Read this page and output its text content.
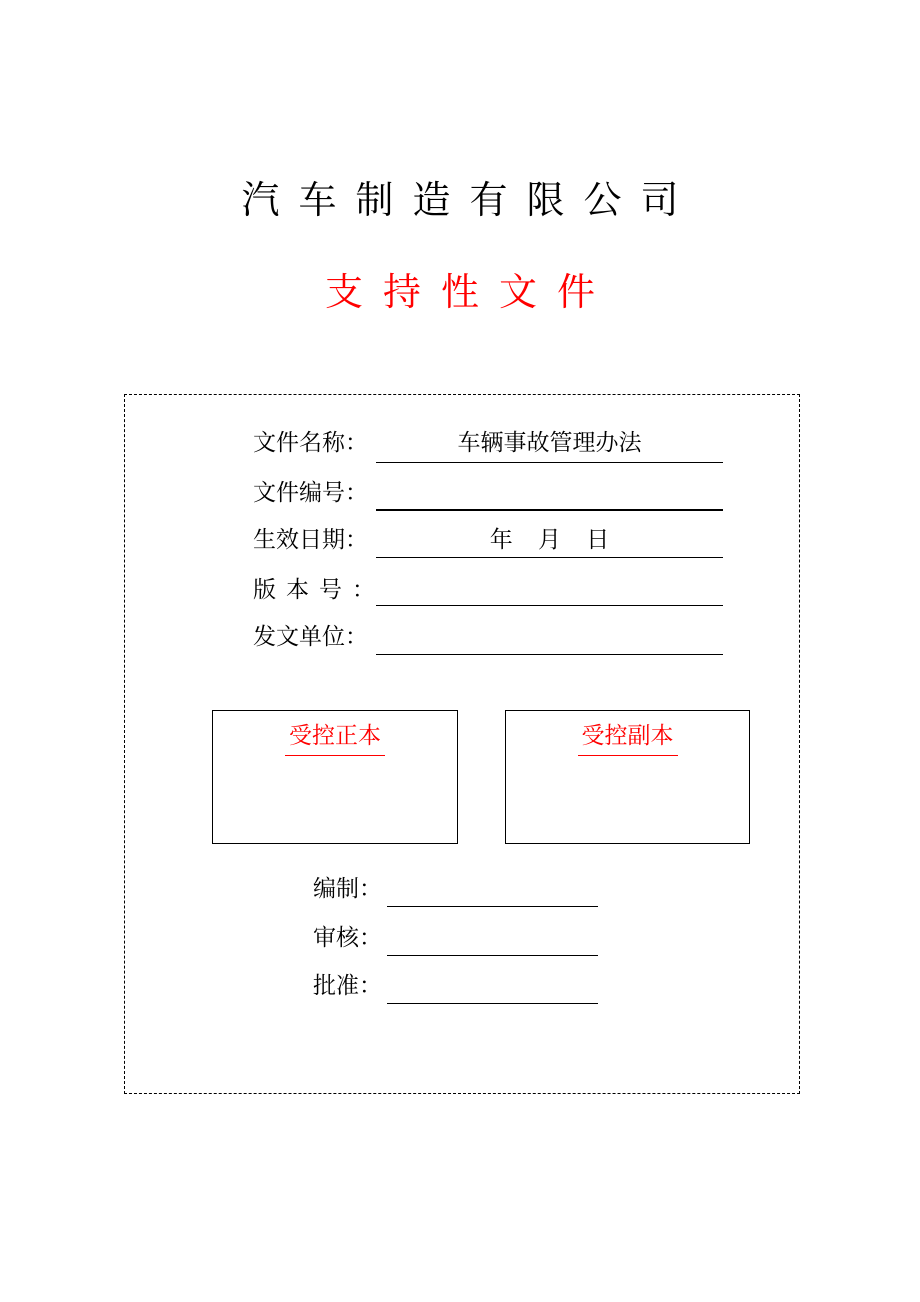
汽车制造有限公司
支持性文件
文件名称：	车辆事故管理办法
文件编号：
生效日期：	年 月 日
版本号：
发文单位：
受控正本	受控副本
编制：
审核：
批准：
